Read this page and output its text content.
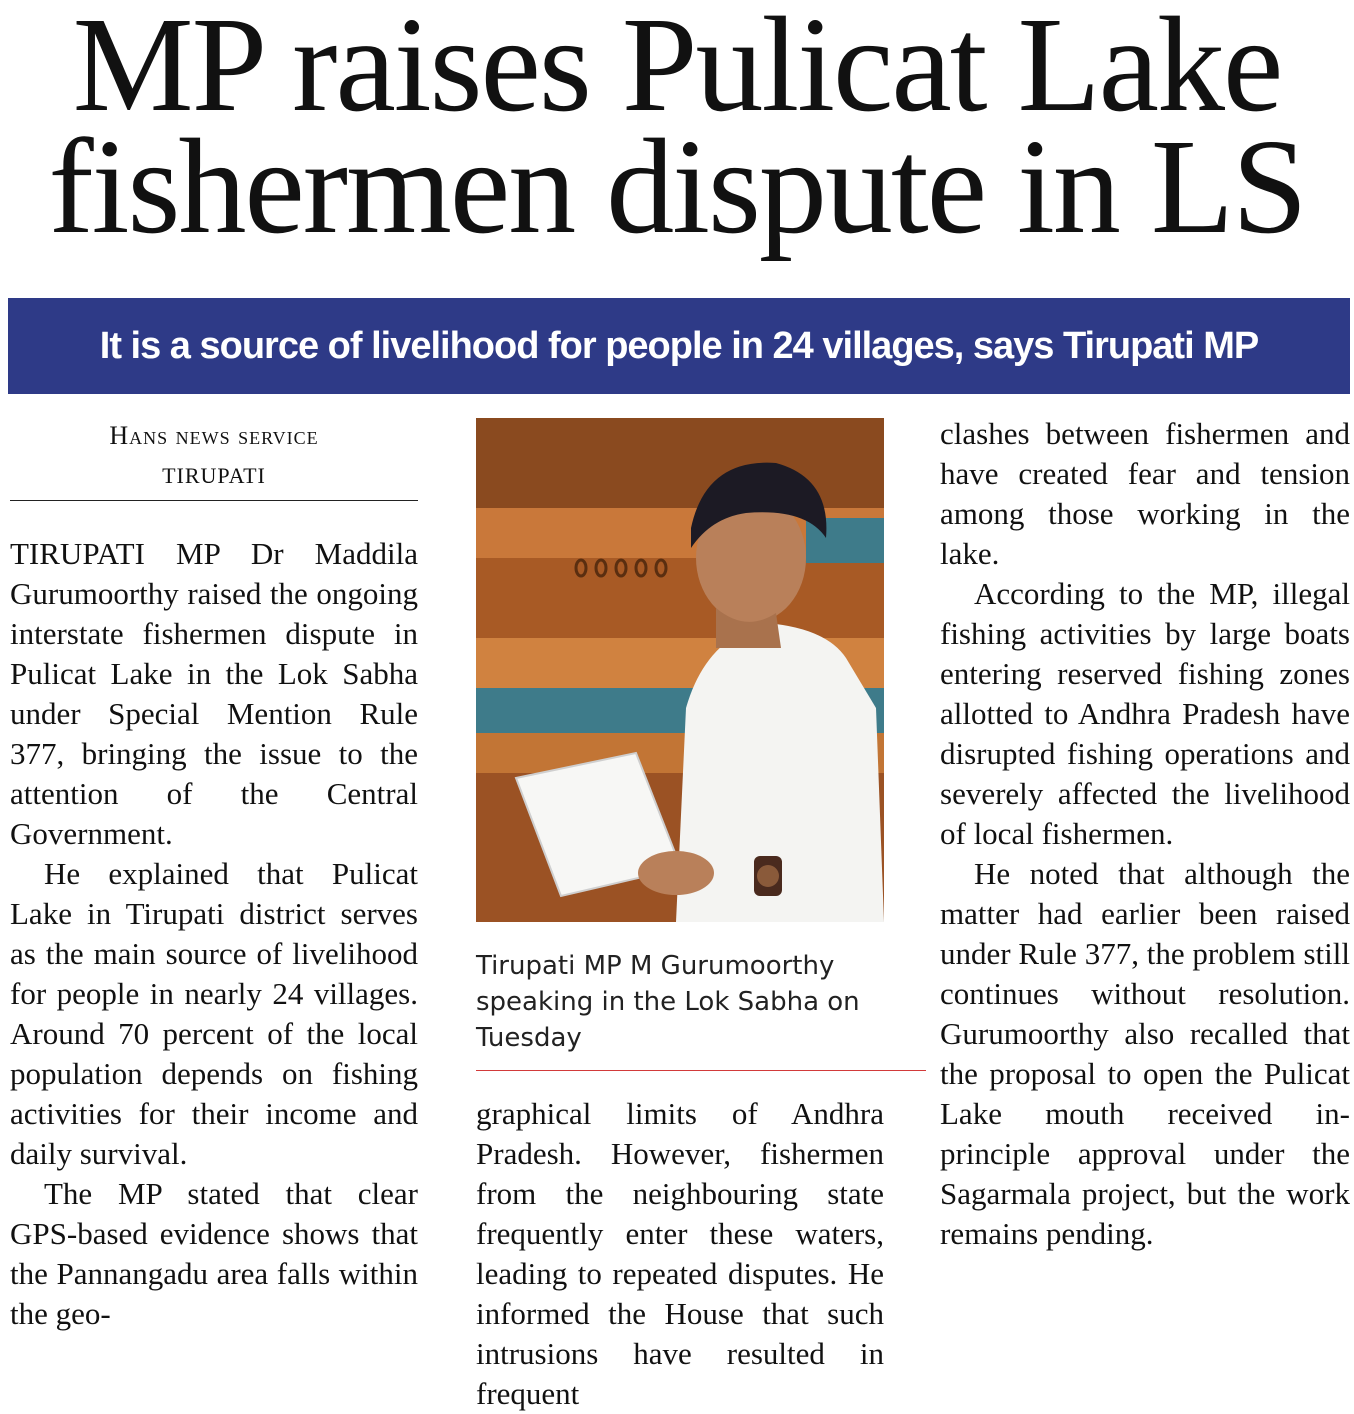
MP raises Pulicat Lake
fishermen dispute in LS
It is a source of livelihood for people in 24 villages, says Tirupati MP
Hans news service
TIRUPATI

TIRUPATI MP Dr Maddila Gurumoorthy raised the ongoing interstate fishermen dispute in Pulicat Lake in the Lok Sabha under Special Mention Rule 377, bringing the issue to the attention of the Central Government.

He explained that Pulicat Lake in Tirupati district serves as the main source of livelihood for people in nearly 24 villages. Around 70 percent of the local population depends on fishing activities for their income and daily survival.

The MP stated that clear GPS-based evidence shows that the Pannangadu area falls within the geo-

Tirupati MP M Gurumoorthy speaking in the Lok Sabha on Tuesday

graphical limits of Andhra Pradesh. However, fishermen from the neighbouring state frequently enter these waters, leading to repeated disputes. He informed the House that such intrusions have resulted in frequent

clashes between fishermen and have created fear and tension among those working in the lake.

According to the MP, illegal fishing activities by large boats entering reserved fishing zones allotted to Andhra Pradesh have disrupted fishing operations and severely affected the livelihood of local fishermen.

He noted that although the matter had earlier been raised under Rule 377, the problem still continues without resolution. Gurumoorthy also recalled that the proposal to open the Pulicat Lake mouth received in-principle approval under the Sagarmala project, but the work remains pending.
